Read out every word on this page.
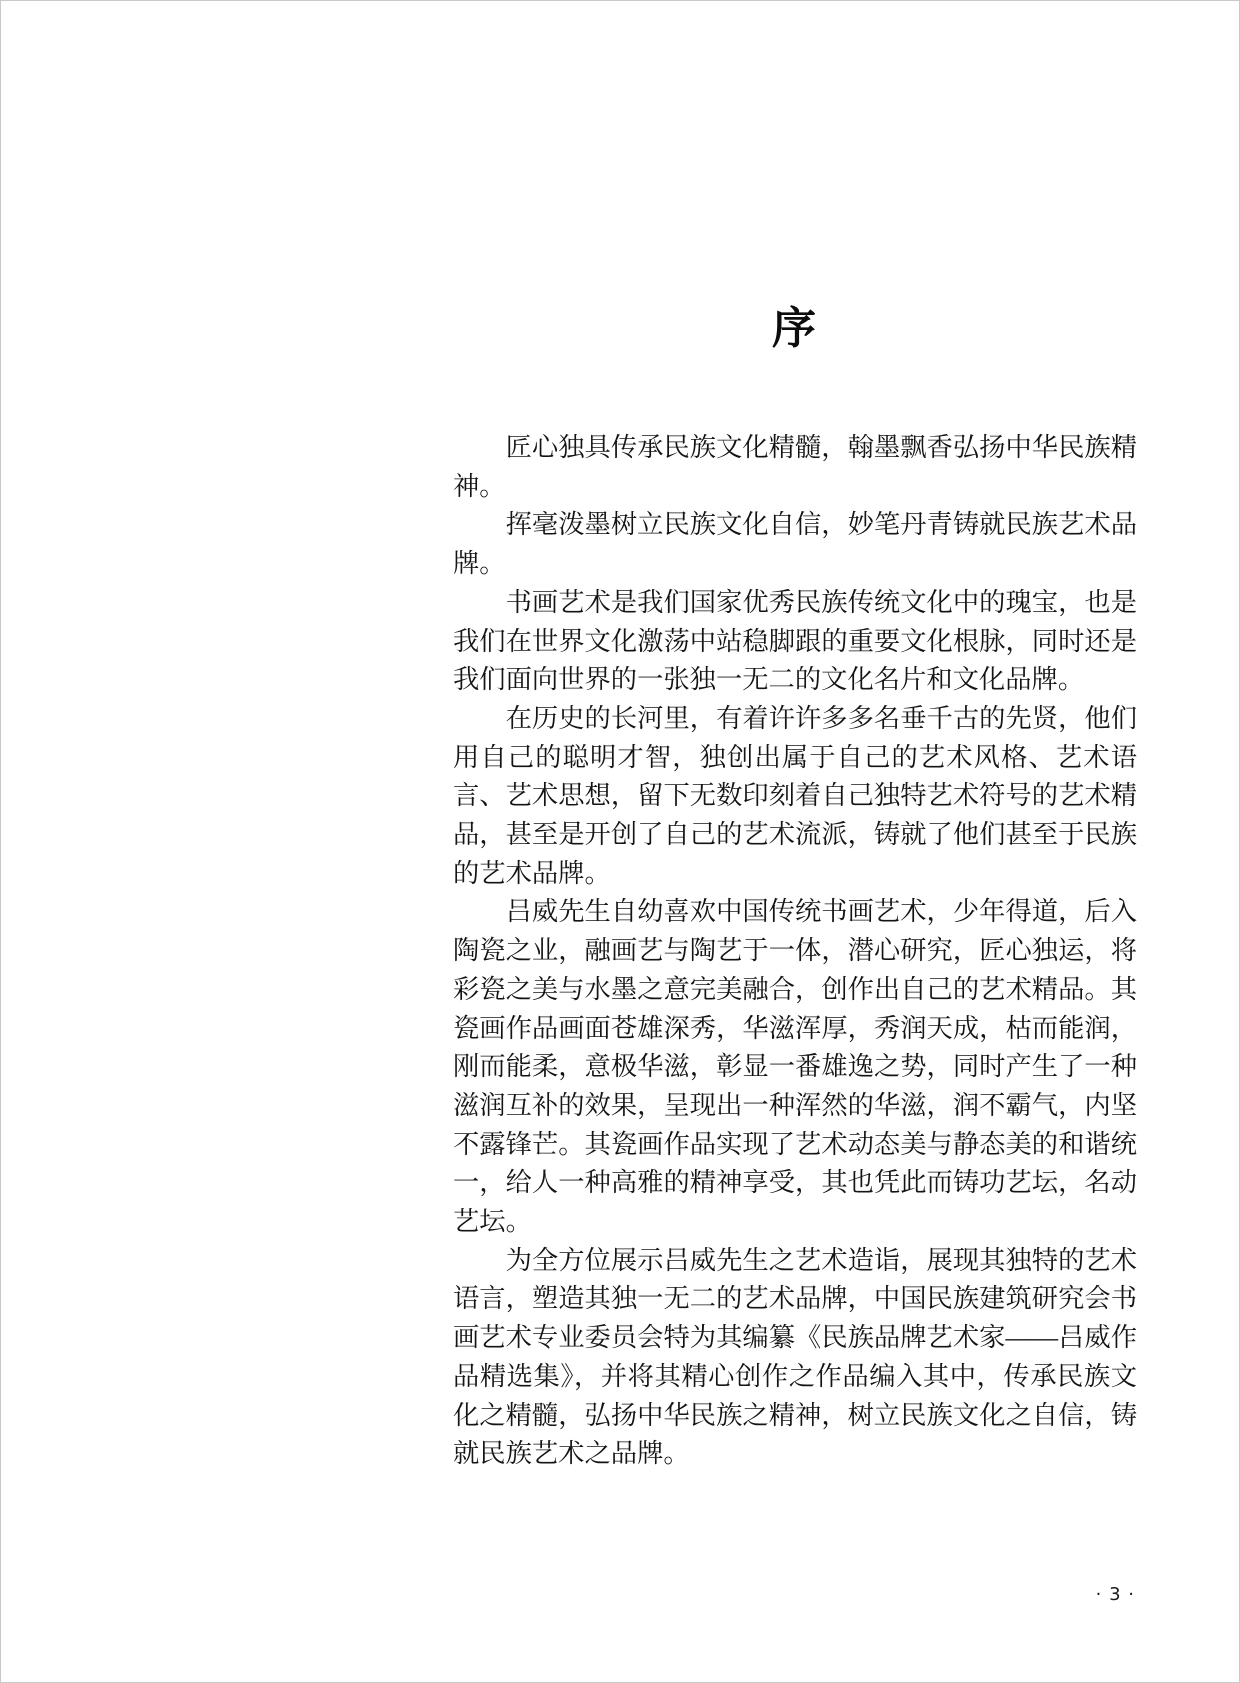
序

匠心独具传承民族文化精髓，翰墨飘香弘扬中华民族精神。

挥毫泼墨树立民族文化自信，妙笔丹青铸就民族艺术品牌。

书画艺术是我们国家优秀民族传统文化中的瑰宝，也是我们在世界文化激荡中站稳脚跟的重要文化根脉，同时还是我们面向世界的一张独一无二的文化名片和文化品牌。

在历史的长河里，有着许许多多名垂千古的先贤，他们用自己的聪明才智，独创出属于自己的艺术风格、艺术语言、艺术思想，留下无数印刻着自己独特艺术符号的艺术精品，甚至是开创了自己的艺术流派，铸就了他们甚至于民族的艺术品牌。

吕威先生自幼喜欢中国传统书画艺术，少年得道，后入陶瓷之业，融画艺与陶艺于一体，潜心研究，匠心独运，将彩瓷之美与水墨之意完美融合，创作出自己的艺术精品。其瓷画作品画面苍雄深秀，华滋浑厚，秀润天成，枯而能润，刚而能柔，意极华滋，彰显一番雄逸之势，同时产生了一种滋润互补的效果，呈现出一种浑然的华滋，润不霸气，内坚不露锋芒。其瓷画作品实现了艺术动态美与静态美的和谐统一，给人一种高雅的精神享受，其也凭此而铸功艺坛，名动艺坛。

为全方位展示吕威先生之艺术造诣，展现其独特的艺术语言，塑造其独一无二的艺术品牌，中国民族建筑研究会书画艺术专业委员会特为其编纂《民族品牌艺术家——吕威作品精选集》，并将其精心创作之作品编入其中，传承民族文化之精髓，弘扬中华民族之精神，树立民族文化之自信，铸就民族艺术之品牌。

· 3 ·
